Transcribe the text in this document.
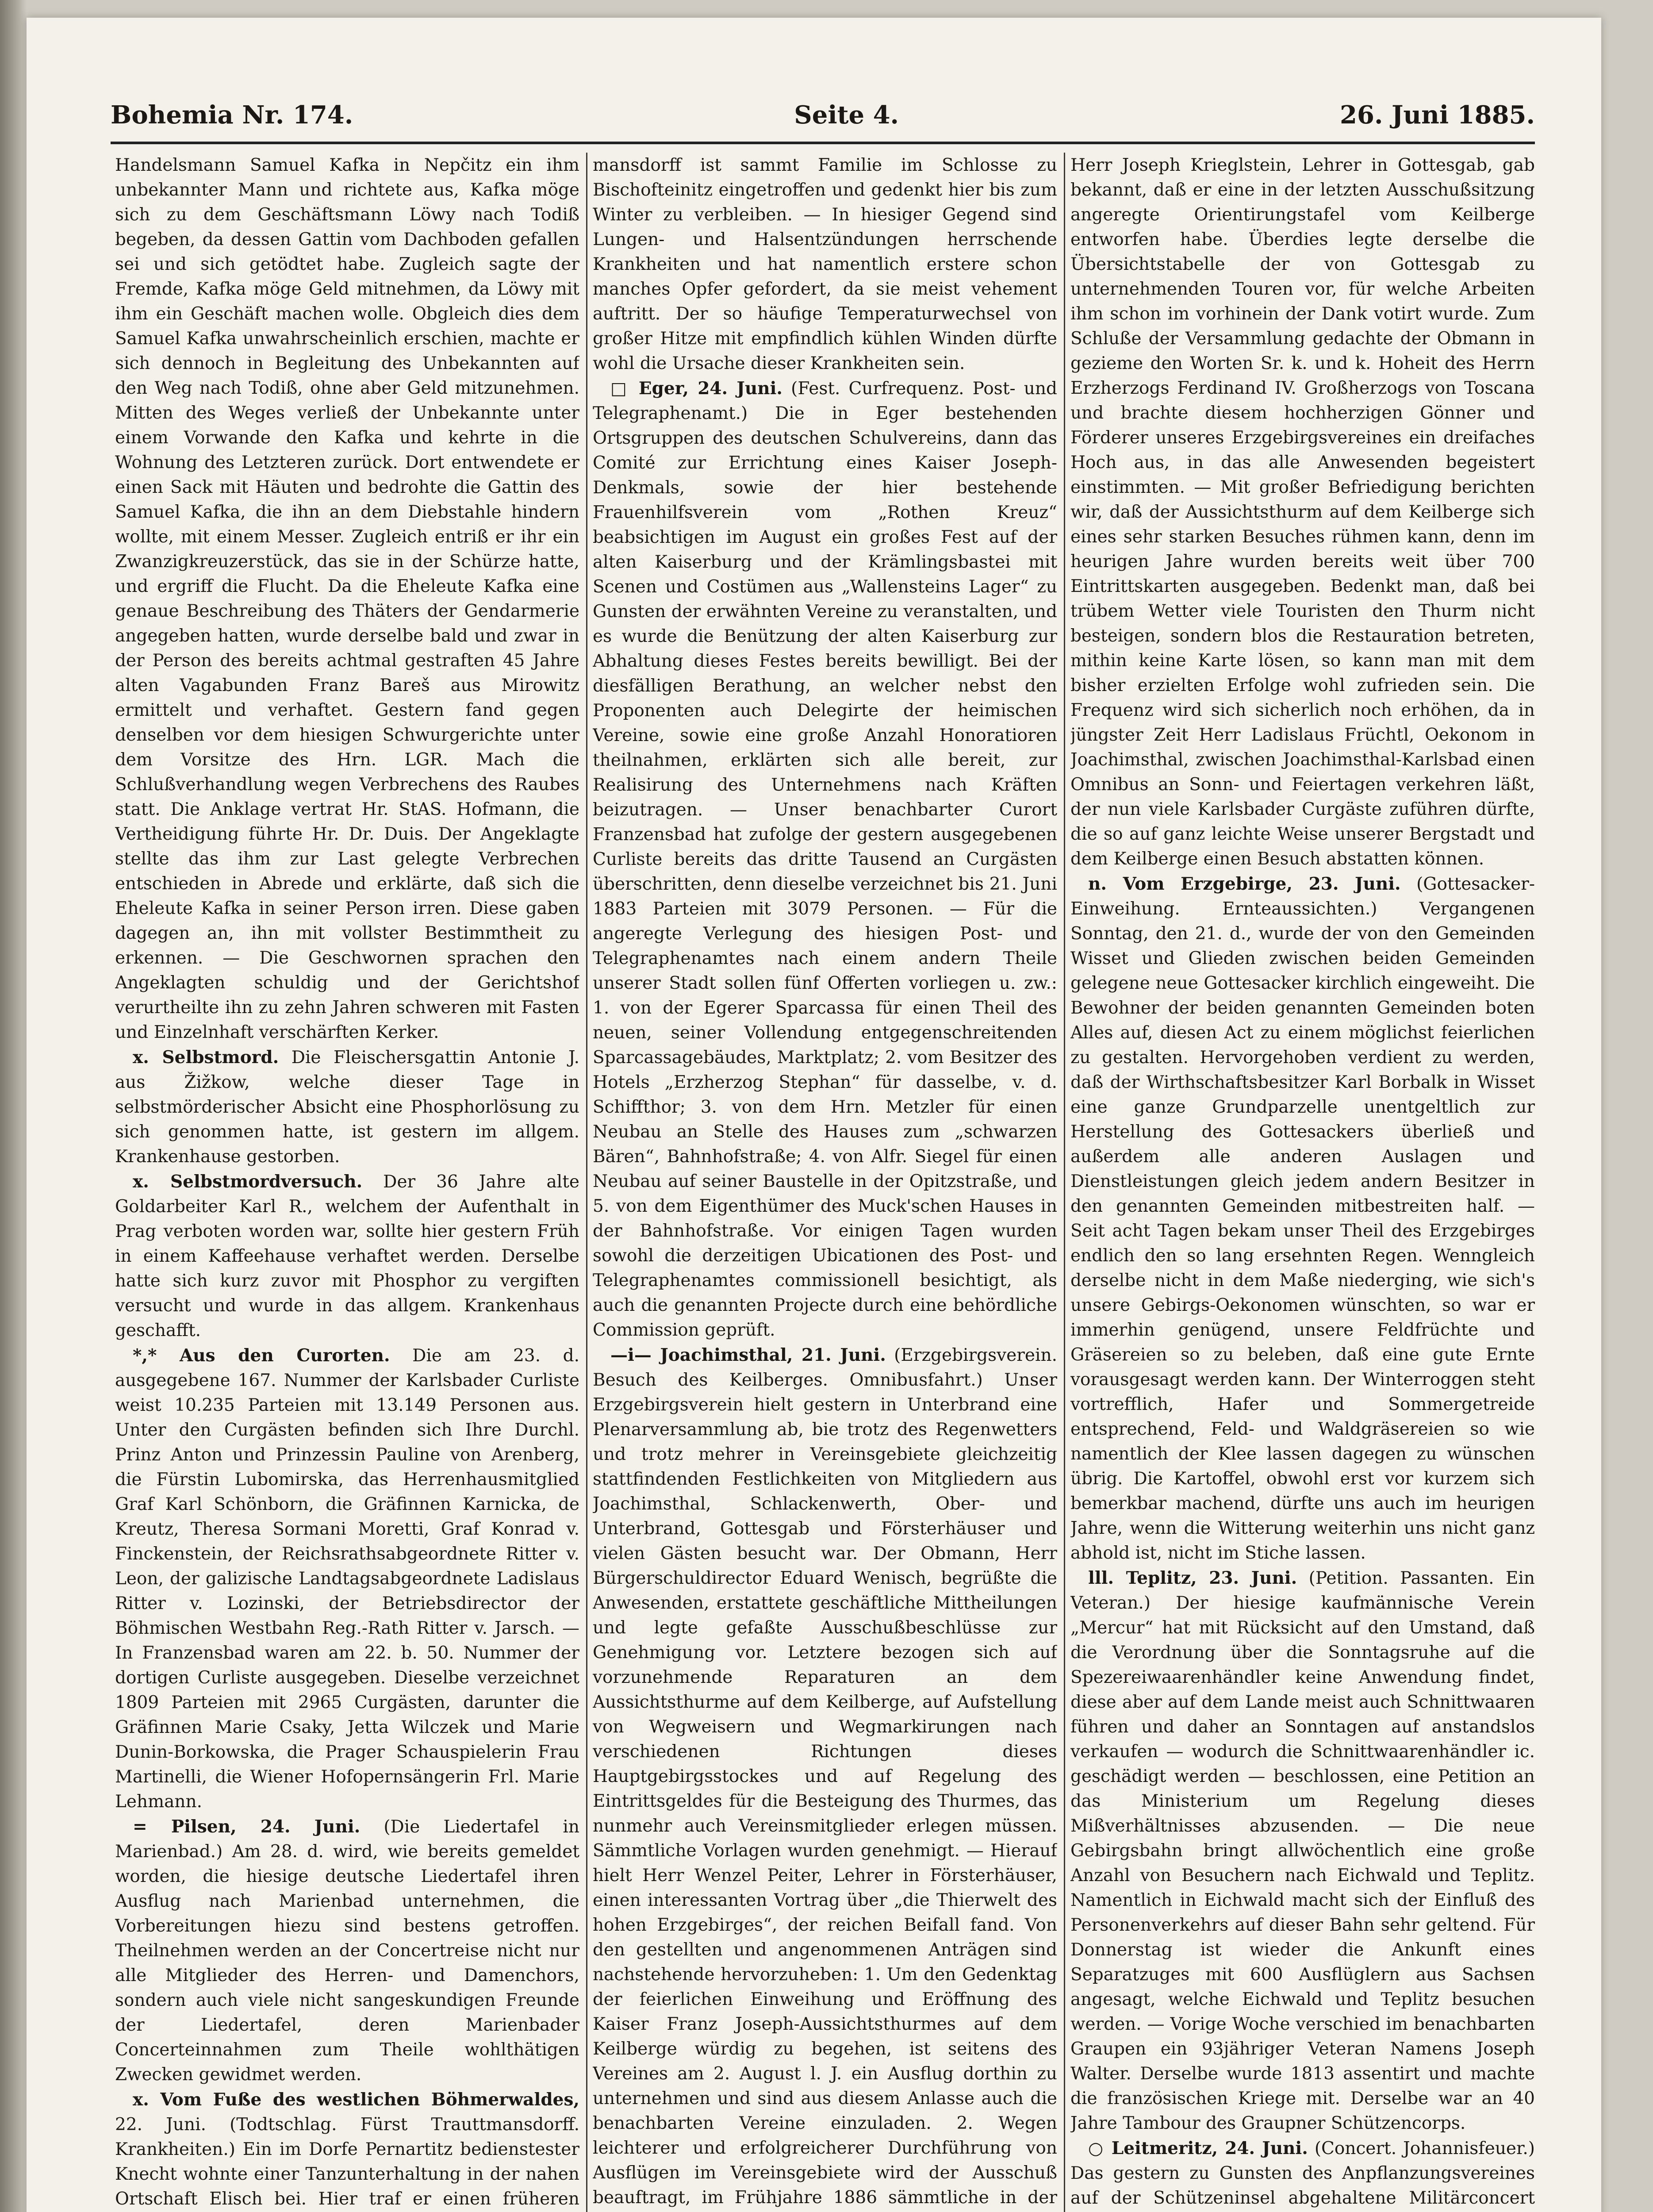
Bohemia Nr. 174.	Seite 4.	26. Juni 1885.

Handelsmann Samuel Kafka in Nepčitz ein ihm unbekannter Mann und richtete aus, Kafka möge sich zu dem Geschäftsmann Löwy nach Todiß begeben, da dessen Gattin vom Dachboden gefallen sei und sich getödtet habe. Zugleich sagte der Fremde, Kafka möge Geld mitnehmen, da Löwy mit ihm ein Geschäft machen wolle. Obgleich dies dem Samuel Kafka unwahrscheinlich erschien, machte er sich dennoch in Begleitung des Unbekannten auf den Weg nach Todiß, ohne aber Geld mitzunehmen. Mitten des Weges verließ der Unbekannte unter einem Vorwande den Kafka und kehrte in die Wohnung des Letzteren zurück. Dort entwendete er einen Sack mit Häuten und bedrohte die Gattin des Samuel Kafka, die ihn an dem Diebstahle hindern wollte, mit einem Messer. Zugleich entriß er ihr ein Zwanzigkreuzerstück, das sie in der Schürze hatte, und ergriff die Flucht. Da die Eheleute Kafka eine genaue Beschreibung des Thäters der Gendarmerie angegeben hatten, wurde derselbe bald und zwar in der Person des bereits achtmal gestraften 45 Jahre alten Vagabunden Franz Bareš aus Mirowitz ermittelt und verhaftet. Gestern fand gegen denselben vor dem hiesigen Schwurgerichte unter dem Vorsitze des Hrn. LGR. Mach die Schlußverhandlung wegen Verbrechens des Raubes statt. Die Anklage vertrat Hr. StAS. Hofmann, die Vertheidigung führte Hr. Dr. Duis. Der Angeklagte stellte das ihm zur Last gelegte Verbrechen entschieden in Abrede und erklärte, daß sich die Eheleute Kafka in seiner Person irren. Diese gaben dagegen an, ihn mit vollster Bestimmtheit zu erkennen. — Die Geschwornen sprachen den Angeklagten schuldig und der Gerichtshof verurtheilte ihn zu zehn Jahren schweren mit Fasten und Einzelnhaft verschärften Kerker.

x. Selbstmord. Die Fleischersgattin Antonie J. aus Žižkow, welche dieser Tage in selbstmörderischer Absicht eine Phosphorlösung zu sich genommen hatte, ist gestern im allgem. Krankenhause gestorben.

x. Selbstmordversuch. Der 36 Jahre alte Goldarbeiter Karl R., welchem der Aufenthalt in Prag verboten worden war, sollte hier gestern Früh in einem Kaffeehause verhaftet werden. Derselbe hatte sich kurz zuvor mit Phosphor zu vergiften versucht und wurde in das allgem. Krankenhaus geschafft.

*,* Aus den Curorten. Die am 23. d. ausgegebene 167. Nummer der Karlsbader Curliste weist 10.235 Parteien mit 13.149 Personen aus. Unter den Curgästen befinden sich Ihre Durchl. Prinz Anton und Prinzessin Pauline von Arenberg, die Fürstin Lubomirska, das Herrenhausmitglied Graf Karl Schönborn, die Gräfinnen Karnicka, de Kreutz, Theresa Sormani Moretti, Graf Konrad v. Finckenstein, der Reichsrathsabgeordnete Ritter v. Leon, der galizische Landtagsabgeordnete Ladislaus Ritter v. Lozinski, der Betriebsdirector der Böhmischen Westbahn Reg.-Rath Ritter v. Jarsch. — In Franzensbad waren am 22. b. 50. Nummer der dortigen Curliste ausgegeben. Dieselbe verzeichnet 1809 Parteien mit 2965 Curgästen, darunter die Gräfinnen Marie Csaky, Jetta Wilczek und Marie Dunin-Borkowska, die Prager Schauspielerin Frau Martinelli, die Wiener Hofopernsängerin Frl. Marie Lehmann.

= Pilsen, 24. Juni. (Die Liedertafel in Marienbad.) Am 28. d. wird, wie bereits gemeldet worden, die hiesige deutsche Liedertafel ihren Ausflug nach Marienbad unternehmen, die Vorbereitungen hiezu sind bestens getroffen. Theilnehmen werden an der Concertreise nicht nur alle Mitglieder des Herren- und Damenchors, sondern auch viele nicht sangeskundigen Freunde der Liedertafel, deren Marienbader Concerteinnahmen zum Theile wohlthätigen Zwecken gewidmet werden.

x. Vom Fuße des westlichen Böhmerwaldes, 22. Juni. (Todtschlag. Fürst Trauttmansdorff. Krankheiten.) Ein im Dorfe Pernartitz bedienstester Knecht wohnte einer Tanzunterhaltung in der nahen Ortschaft Elisch bei. Hier traf er einen früheren

mansdorff ist sammt Familie im Schlosse zu Bischofteinitz eingetroffen und gedenkt hier bis zum Winter zu verbleiben. — In hiesiger Gegend sind Lungen- und Halsentzündungen herrschende Krankheiten und hat namentlich erstere schon manches Opfer gefordert, da sie meist vehement auftritt. Der so häufige Temperaturwechsel von großer Hitze mit empfindlich kühlen Winden dürfte wohl die Ursache dieser Krankheiten sein.

□ Eger, 24. Juni. (Fest. Curfrequenz. Post- und Telegraphenamt.) Die in Eger bestehenden Ortsgruppen des deutschen Schulvereins, dann das Comité zur Errichtung eines Kaiser Joseph-Denkmals, sowie der hier bestehende Frauenhilfsverein vom „Rothen Kreuz“ beabsichtigen im August ein großes Fest auf der alten Kaiserburg und der Krämlingsbastei mit Scenen und Costümen aus „Wallensteins Lager“ zu Gunsten der erwähnten Vereine zu veranstalten, und es wurde die Benützung der alten Kaiserburg zur Abhaltung dieses Festes bereits bewilligt. Bei der diesfälligen Berathung, an welcher nebst den Proponenten auch Delegirte der heimischen Vereine, sowie eine große Anzahl Honoratioren theilnahmen, erklärten sich alle bereit, zur Realisirung des Unternehmens nach Kräften beizutragen. — Unser benachbarter Curort Franzensbad hat zufolge der gestern ausgegebenen Curliste bereits das dritte Tausend an Curgästen überschritten, denn dieselbe verzeichnet bis 21. Juni 1883 Parteien mit 3079 Personen. — Für die angeregte Verlegung des hiesigen Post- und Telegraphenamtes nach einem andern Theile unserer Stadt sollen fünf Offerten vorliegen u. zw.: 1. von der Egerer Sparcassa für einen Theil des neuen, seiner Vollendung entgegenschreitenden Sparcassagebäudes, Marktplatz; 2. vom Besitzer des Hotels „Erzherzog Stephan“ für dasselbe, v. d. Schiffthor; 3. von dem Hrn. Metzler für einen Neubau an Stelle des Hauses zum „schwarzen Bären“, Bahnhofstraße; 4. von Alfr. Siegel für einen Neubau auf seiner Baustelle in der Opitzstraße, und 5. von dem Eigenthümer des Muck'schen Hauses in der Bahnhofstraße. Vor einigen Tagen wurden sowohl die derzeitigen Ubicationen des Post- und Telegraphenamtes commissionell besichtigt, als auch die genannten Projecte durch eine behördliche Commission geprüft.

—i— Joachimsthal, 21. Juni. (Erzgebirgsverein. Besuch des Keilberges. Omnibusfahrt.) Unser Erzgebirgsverein hielt gestern in Unterbrand eine Plenarversammlung ab, bie trotz des Regenwetters und trotz mehrer in Vereinsgebiete gleichzeitig stattfindenden Festlichkeiten von Mitgliedern aus Joachimsthal, Schlackenwerth, Ober- und Unterbrand, Gottesgab und Försterhäuser und vielen Gästen besucht war. Der Obmann, Herr Bürgerschuldirector Eduard Wenisch, begrüßte die Anwesenden, erstattete geschäftliche Mittheilungen und legte gefaßte Ausschußbeschlüsse zur Genehmigung vor. Letztere bezogen sich auf vorzunehmende Reparaturen an dem Aussichtsthurme auf dem Keilberge, auf Aufstellung von Wegweisern und Wegmarkirungen nach verschiedenen Richtungen dieses Hauptgebirgsstockes und auf Regelung des Eintrittsgeldes für die Besteigung des Thurmes, das nunmehr auch Vereinsmitglieder erlegen müssen. Sämmtliche Vorlagen wurden genehmigt. — Hierauf hielt Herr Wenzel Peiter, Lehrer in Försterhäuser, einen interessanten Vortrag über „die Thierwelt des hohen Erzgebirges“, der reichen Beifall fand. Von den gestellten und angenommenen Anträgen sind nachstehende hervorzuheben: 1. Um den Gedenktag der feierlichen Einweihung und Eröffnung des Kaiser Franz Joseph-Aussichtsthurmes auf dem Keilberge würdig zu begehen, ist seitens des Vereines am 2. August l. J. ein Ausflug dorthin zu unternehmen und sind aus diesem Anlasse auch die benachbarten Vereine einzuladen. 2. Wegen leichterer und erfolgreicherer Durchführung von Ausflügen im Vereinsgebiete wird der Ausschuß beauftragt, im Frühjahre 1886 sämmtliche in der

Herr Joseph Krieglstein, Lehrer in Gottesgab, gab bekannt, daß er eine in der letzten Ausschußsitzung angeregte Orientirungstafel vom Keilberge entworfen habe. Überdies legte derselbe die Übersichtstabelle der von Gottesgab zu unternehmenden Touren vor, für welche Arbeiten ihm schon im vorhinein der Dank votirt wurde. Zum Schluße der Versammlung gedachte der Obmann in gezieme den Worten Sr. k. und k. Hoheit des Herrn Erzherzogs Ferdinand IV. Großherzogs von Toscana und brachte diesem hochherzigen Gönner und Förderer unseres Erzgebirgsvereines ein dreifaches Hoch aus, in das alle Anwesenden begeistert einstimmten. — Mit großer Befriedigung berichten wir, daß der Aussichtsthurm auf dem Keilberge sich eines sehr starken Besuches rühmen kann, denn im heurigen Jahre wurden bereits weit über 700 Eintrittskarten ausgegeben. Bedenkt man, daß bei trübem Wetter viele Touristen den Thurm nicht besteigen, sondern blos die Restauration betreten, mithin keine Karte lösen, so kann man mit dem bisher erzielten Erfolge wohl zufrieden sein. Die Frequenz wird sich sicherlich noch erhöhen, da in jüngster Zeit Herr Ladislaus Früchtl, Oekonom in Joachimsthal, zwischen Joachimsthal-Karlsbad einen Omnibus an Sonn- und Feiertagen verkehren läßt, der nun viele Karlsbader Curgäste zuführen dürfte, die so auf ganz leichte Weise unserer Bergstadt und dem Keilberge einen Besuch abstatten können.

n. Vom Erzgebirge, 23. Juni. (Gottesacker-Einweihung. Ernteaussichten.) Vergangenen Sonntag, den 21. d., wurde der von den Gemeinden Wisset und Glieden zwischen beiden Gemeinden gelegene neue Gottesacker kirchlich eingeweiht. Die Bewohner der beiden genannten Gemeinden boten Alles auf, diesen Act zu einem möglichst feierlichen zu gestalten. Hervorgehoben verdient zu werden, daß der Wirthschaftsbesitzer Karl Borbalk in Wisset eine ganze Grundparzelle unentgeltlich zur Herstellung des Gottesackers überließ und außerdem alle anderen Auslagen und Dienstleistungen gleich jedem andern Besitzer in den genannten Gemeinden mitbestreiten half. — Seit acht Tagen bekam unser Theil des Erzgebirges endlich den so lang ersehnten Regen. Wenngleich derselbe nicht in dem Maße niederging, wie sich's unsere Gebirgs-Oekonomen wünschten, so war er immerhin genügend, unsere Feldfrüchte und Gräsereien so zu beleben, daß eine gute Ernte vorausgesagt werden kann. Der Winterroggen steht vortrefflich, Hafer und Sommergetreide entsprechend, Feld- und Waldgräsereien so wie namentlich der Klee lassen dagegen zu wünschen übrig. Die Kartoffel, obwohl erst vor kurzem sich bemerkbar machend, dürfte uns auch im heurigen Jahre, wenn die Witterung weiterhin uns nicht ganz abhold ist, nicht im Stiche lassen.

lll. Teplitz, 23. Juni. (Petition. Passanten. Ein Veteran.) Der hiesige kaufmännische Verein „Mercur“ hat mit Rücksicht auf den Umstand, daß die Verordnung über die Sonntagsruhe auf die Spezereiwaarenhändler keine Anwendung findet, diese aber auf dem Lande meist auch Schnittwaaren führen und daher an Sonntagen auf anstandslos verkaufen — wodurch die Schnittwaarenhändler ic. geschädigt werden — beschlossen, eine Petition an das Ministerium um Regelung dieses Mißverhältnisses abzusenden. — Die neue Gebirgsbahn bringt allwöchentlich eine große Anzahl von Besuchern nach Eichwald und Teplitz. Namentlich in Eichwald macht sich der Einfluß des Personenverkehrs auf dieser Bahn sehr geltend. Für Donnerstag ist wieder die Ankunft eines Separatzuges mit 600 Ausflüglern aus Sachsen angesagt, welche Eichwald und Teplitz besuchen werden. — Vorige Woche verschied im benachbarten Graupen ein 93jähriger Veteran Namens Joseph Walter. Derselbe wurde 1813 assentirt und machte die französischen Kriege mit. Derselbe war an 40 Jahre Tambour des Graupner Schützencorps.

○ Leitmeritz, 24. Juni. (Concert. Johannisfeuer.) Das gestern zu Gunsten des Anpflanzungsvereines auf der Schützeninsel abgehaltene Militärconcert
